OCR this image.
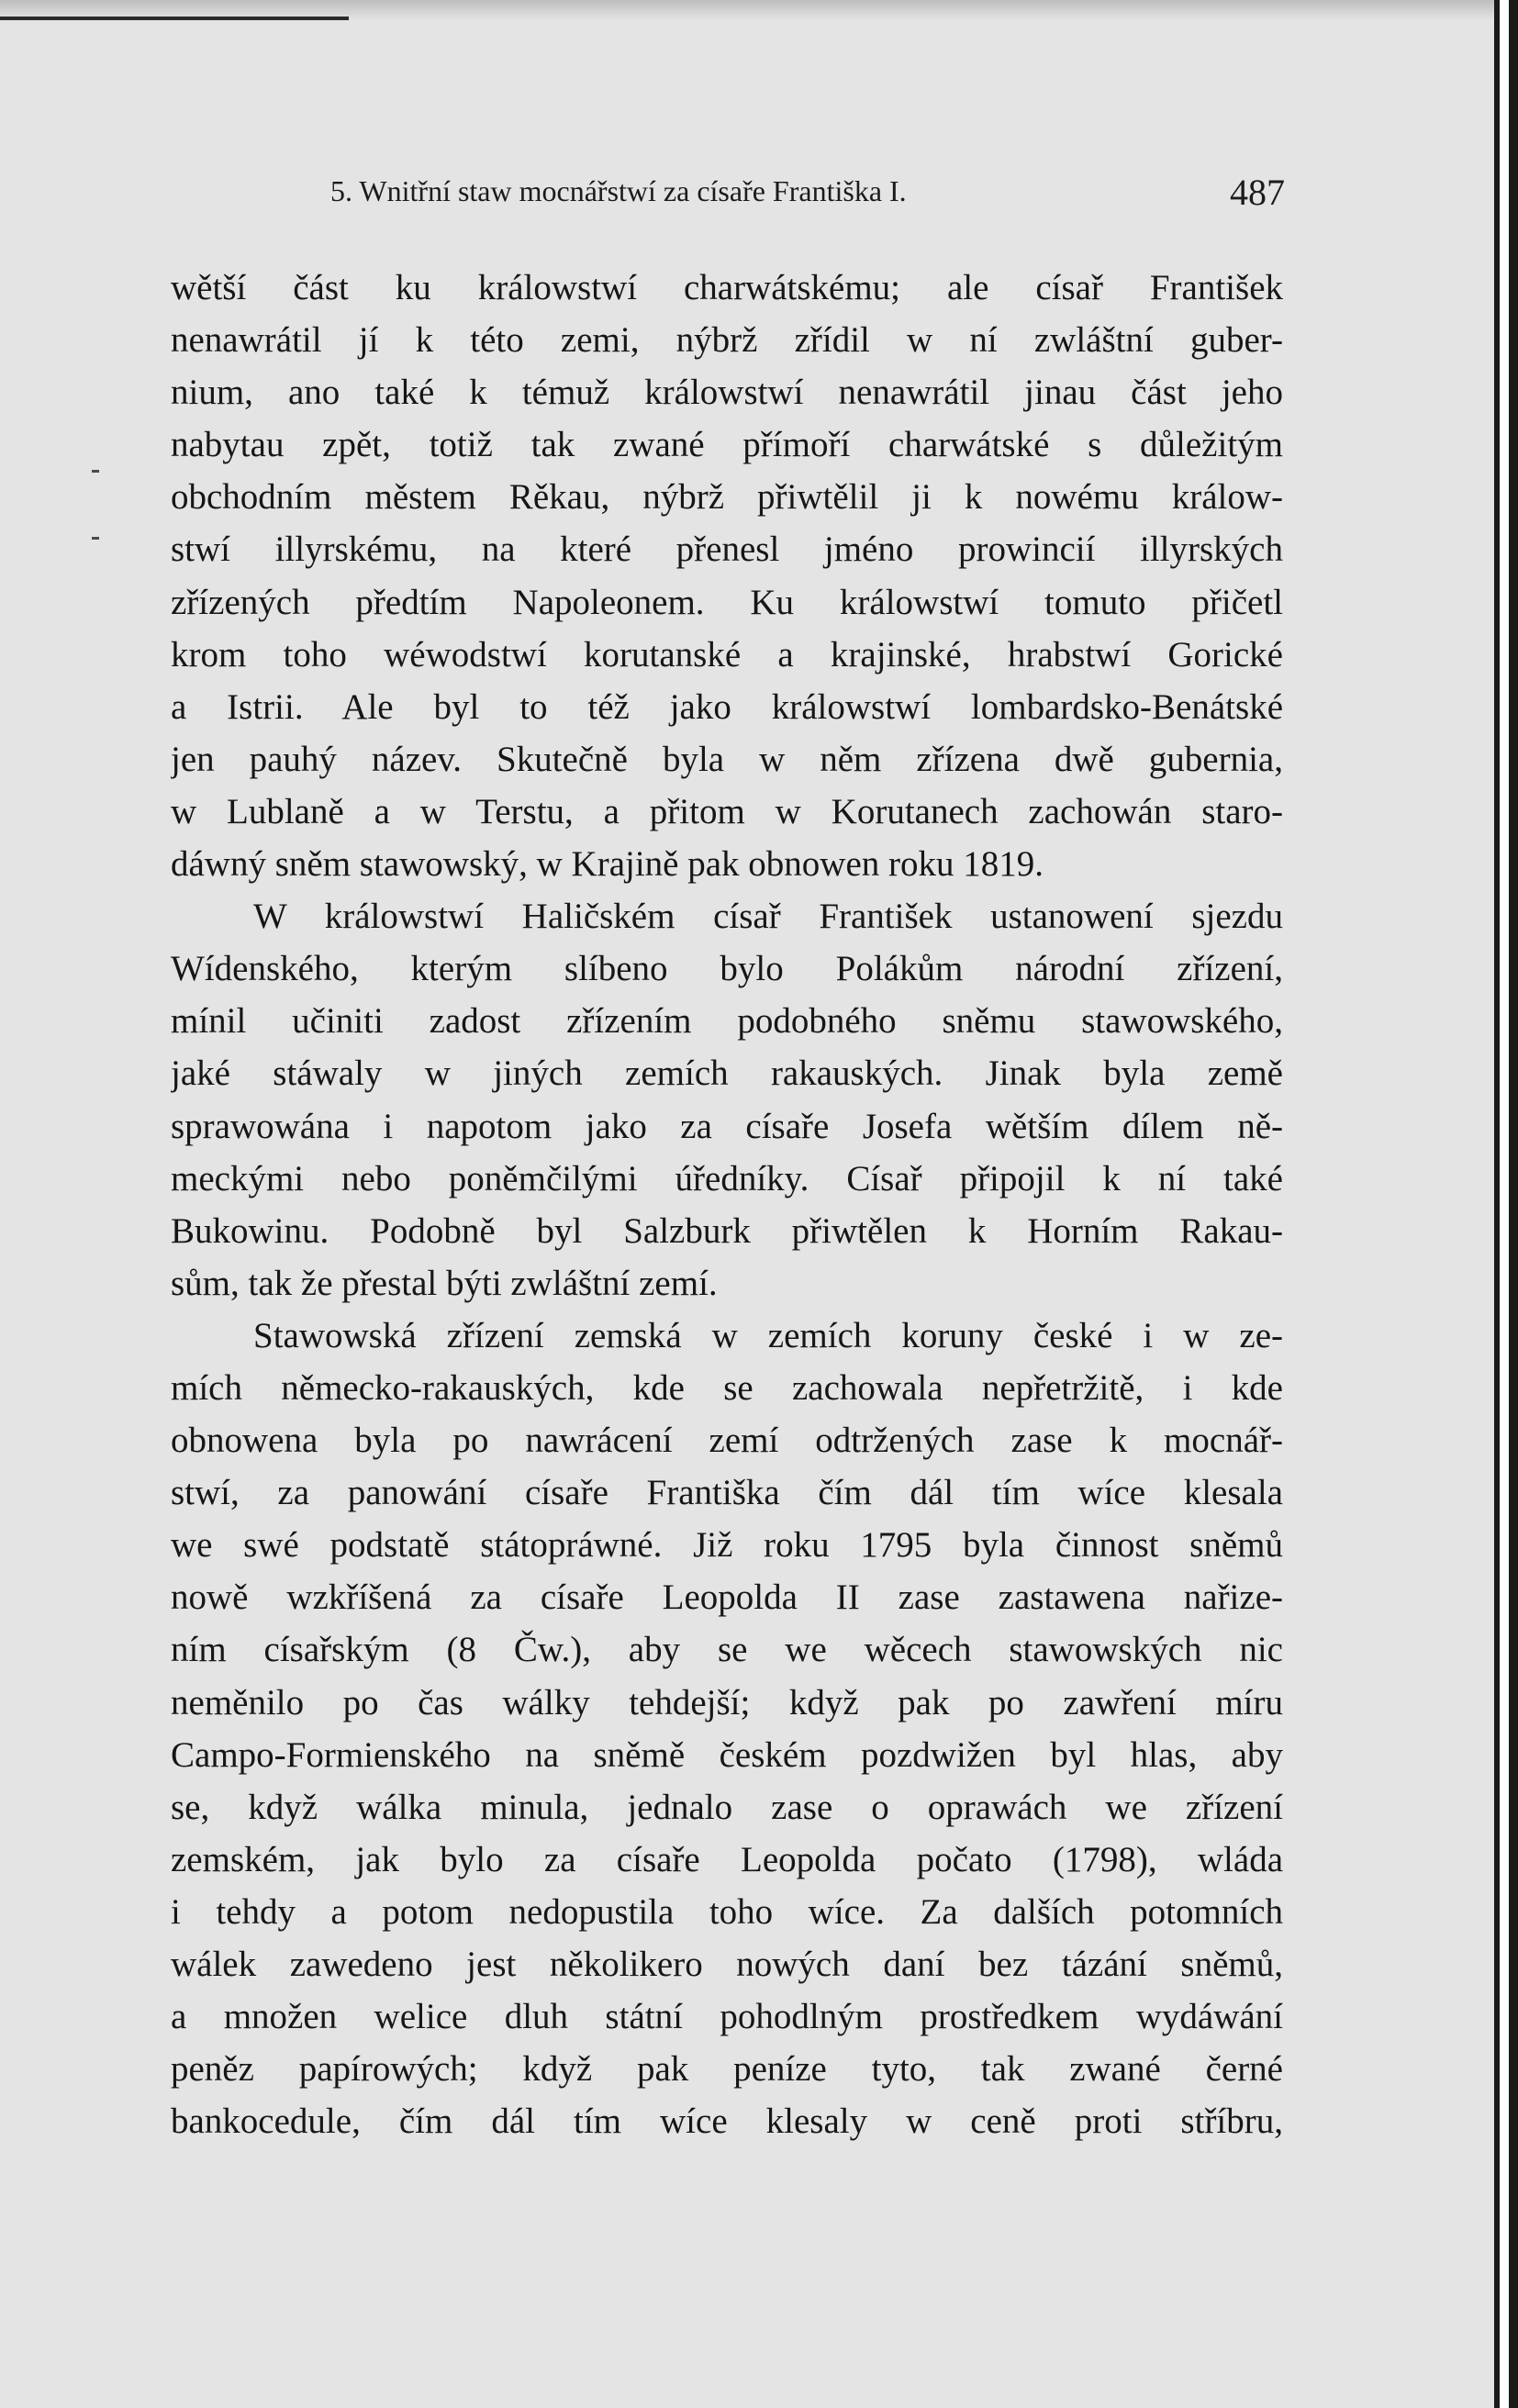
5. Wnitřní staw mocnářstwí za císaře Františka I.	487
wětší část ku králowstwí charwátskému; ale císař František
nenawrátil jí k této zemi, nýbrž zřídil w ní zwláštní guber-
nium, ano také k témuž králowstwí nenawrátil jinau část jeho
nabytau zpět, totiž tak zwané přímoří charwátské s důležitým
obchodním městem Rěkau, nýbrž přiwtělil ji k nowému králow-
stwí illyrskému, na které přenesl jméno prowincií illyrských
zřízených předtím Napoleonem. Ku králowstwí tomuto přičetl
krom toho wéwodstwí korutanské a krajinské, hrabstwí Gorické
a Istrii. Ale byl to též jako králowstwí lombardsko-Benátské
jen pauhý název. Skutečně byla w něm zřízena dwě gubernia,
w Lublaně a w Terstu, a přitom w Korutanech zachowán staro-
dáwný sněm stawowský, w Krajině pak obnowen roku 1819.
W králowstwí Haličském císař František ustanowení sjezdu
Wídenského, kterým slíbeno bylo Polákům národní zřízení,
mínil učiniti zadost zřízením podobného sněmu stawowského,
jaké stáwaly w jiných zemích rakauských. Jinak byla země
sprawowána i napotom jako za císaře Josefa wětším dílem ně-
meckými nebo poněmčilými úředníky. Císař připojil k ní také
Bukowinu. Podobně byl Salzburk přiwtělen k Horním Rakau-
sům, tak že přestal býti zwláštní zemí.
Stawowská zřízení zemská w zemích koruny české i w ze-
mích německo-rakauských, kde se zachowala nepřetržitě, i kde
obnowena byla po nawrácení zemí odtržených zase k mocnář-
stwí, za panowání císaře Františka čím dál tím wíce klesala
we swé podstatě státopráwné. Již roku 1795 byla činnost sněmů
nowě wzkříšená za císaře Leopolda II zase zastawena nařize-
ním císařským (8 Čw.), aby se we wěcech stawowských nic
neměnilo po čas wálky tehdejší; když pak po zawření míru
Campo-Formienského na sněmě českém pozdwižen byl hlas, aby
se, když wálka minula, jednalo zase o oprawách we zřízení
zemském, jak bylo za císaře Leopolda počato (1798), wláda
i tehdy a potom nedopustila toho wíce. Za dalších potomních
wálek zawedeno jest několikero nowých daní bez tázání sněmů,
a množen welice dluh státní pohodlným prostředkem wydáwání
peněz papírowých; když pak peníze tyto, tak zwané černé
bankocedule, čím dál tím wíce klesaly w ceně proti stříbru,
